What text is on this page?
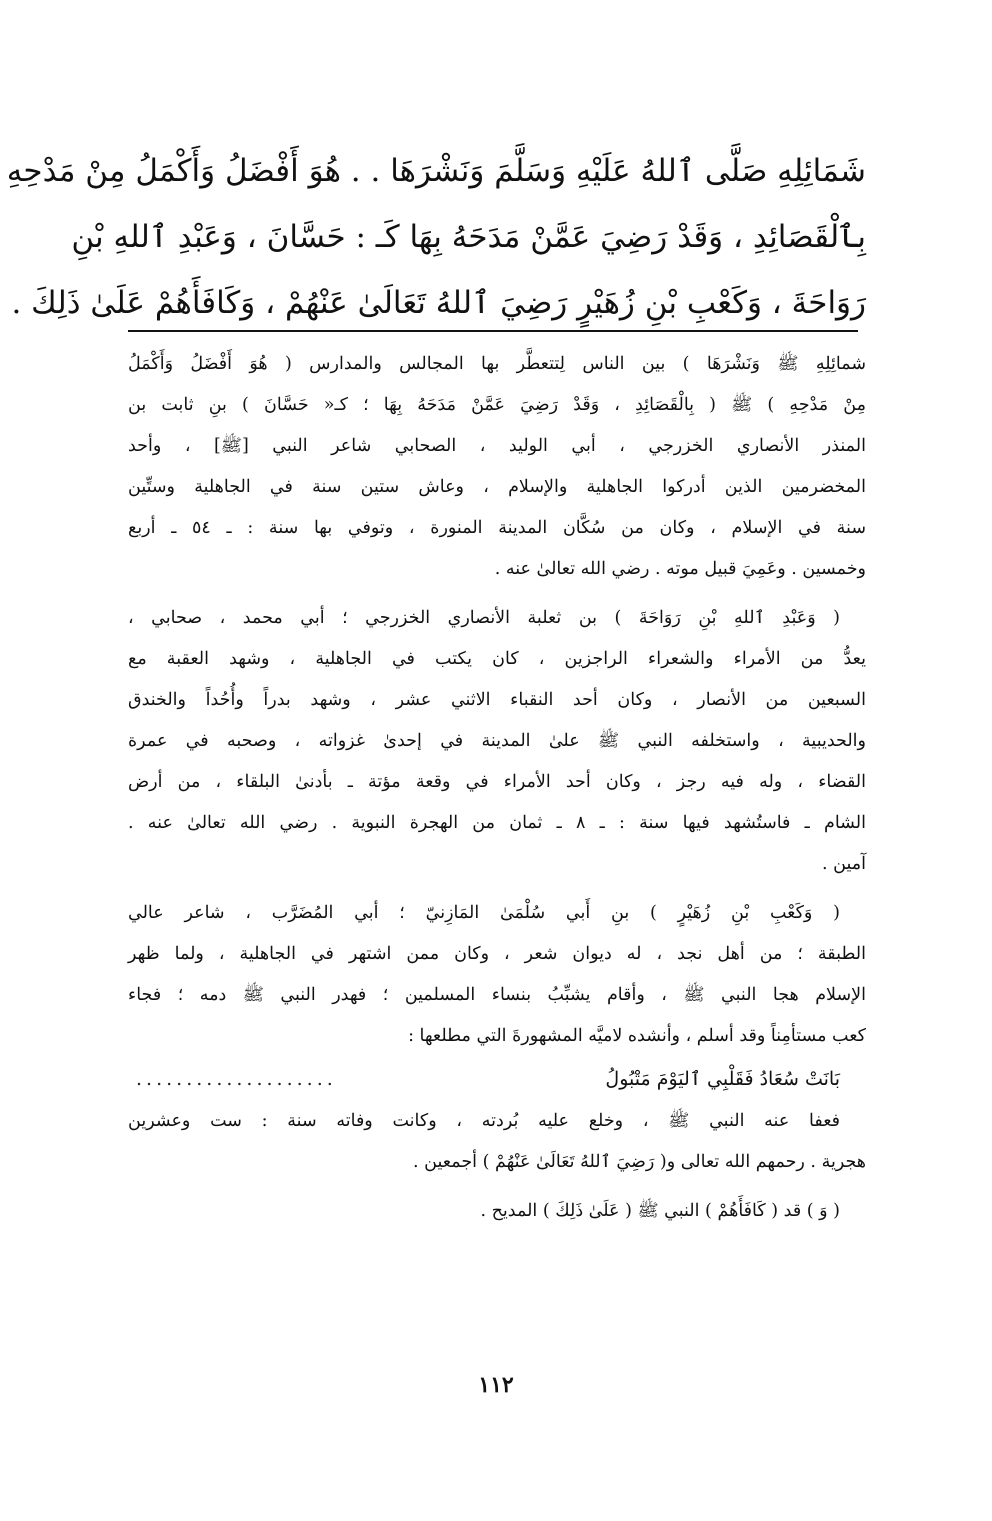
شَمَائِلِهِ صَلَّى ٱللهُ عَلَيْهِ وَسَلَّمَ وَنَشْرَهَا . . هُوَ أَفْضَلُ وَأَكْمَلُ مِنْ مَدْحِهِ
بِٱلْقَصَائِدِ ، وَقَدْ رَضِيَ عَمَّنْ مَدَحَهُ بِهَا كَـ : حَسَّانَ ، وَعَبْدِ ٱللهِ بْنِ
رَوَاحَةَ ، وَكَعْبِ بْنِ زُهَيْرٍ رَضِيَ ٱللهُ تَعَالَىٰ عَنْهُمْ ، وَكَافَأَهُمْ عَلَىٰ ذَلِكَ .
شمائِلِهِ ﷺ وَنَشْرَهَا ) بين الناس لِتتعطَّر بها المجالس والمدارس ( هُوَ أَفْضَلُ وَأَكْمَلُ
مِنْ مَدْحِهِ ) ﷺ ( بِالْقَصَائِدِ ، وَقَدْ رَضِيَ عَمَّنْ مَدَحَهُ بِهَا ؛ كـ« حَسَّانَ ) بنِ ثابت بن
المنذر الأنصاري الخزرجي ، أبي الوليد ، الصحابي شاعر النبي [ﷺ] ، وأحد
المخضرمين الذين أدركوا الجاهلية والإسلام ، وعاش ستين سنة في الجاهلية وستِّين
سنة في الإسلام ، وكان من سُكَّان المدينة المنورة ، وتوفي بها سنة : ـ ٥٤ ـ أربع
وخمسين . وعَمِيَ قبيل موته . رضي الله تعالىٰ عنه .
( وَعَبْدِ ٱللهِ بْنِ رَوَاحَةَ ) بن ثعلبة الأنصاري الخزرجي ؛ أبي محمد ، صحابي ،
يعدُّ من الأمراء والشعراء الراجزين ، كان يكتب في الجاهلية ، وشهد العقبة مع
السبعين من الأنصار ، وكان أحد النقباء الاثني عشر ، وشهد بدراً وأُحُداً والخندق
والحديبية ، واستخلفه النبي ﷺ علىٰ المدينة في إحدىٰ غزواته ، وصحبه في عمرة
القضاء ، وله فيه رجز ، وكان أحد الأمراء في وقعة مؤتة ـ بأدنىٰ البلقاء ، من أرض
الشام ـ فاستُشهد فيها سنة : ـ ٨ ـ ثمان من الهجرة النبوية . رضي الله تعالىٰ عنه .
آمين .
( وَكَعْبِ بْنِ زُهَيْرٍ ) بنِ أَبي سُلْمَىٰ المَازِنيّ ؛ أبي المُضَرَّب ، شاعر عالي
الطبقة ؛ من أهل نجد ، له ديوان شعر ، وكان ممن اشتهر في الجاهلية ، ولما ظهر
الإسلام هجا النبي ﷺ ، وأقام يشبِّبُ بنساء المسلمين ؛ فهدر النبي ﷺ دمه ؛ فجاء
كعب مستأمِناً وقد أسلم ، وأنشده لاميَّه المشهورةَ التي مطلعها :
بَانَتْ سُعَادُ فَقَلْبِي ٱليَوْمَ مَتْبُولُ
....................
فعفا عنه النبي ﷺ ، وخلع عليه بُردته ، وكانت وفاته سنة : ست وعشرين
هجرية . رحمهم الله تعالى و( رَضِيَ ٱللهُ تَعَالَىٰ عَنْهُمْ ) أجمعين .
( وَ ) قد ( كَافَأَهُمْ ) النبي ﷺ ( عَلَىٰ ذَلِكَ ) المديح .
١١٢
